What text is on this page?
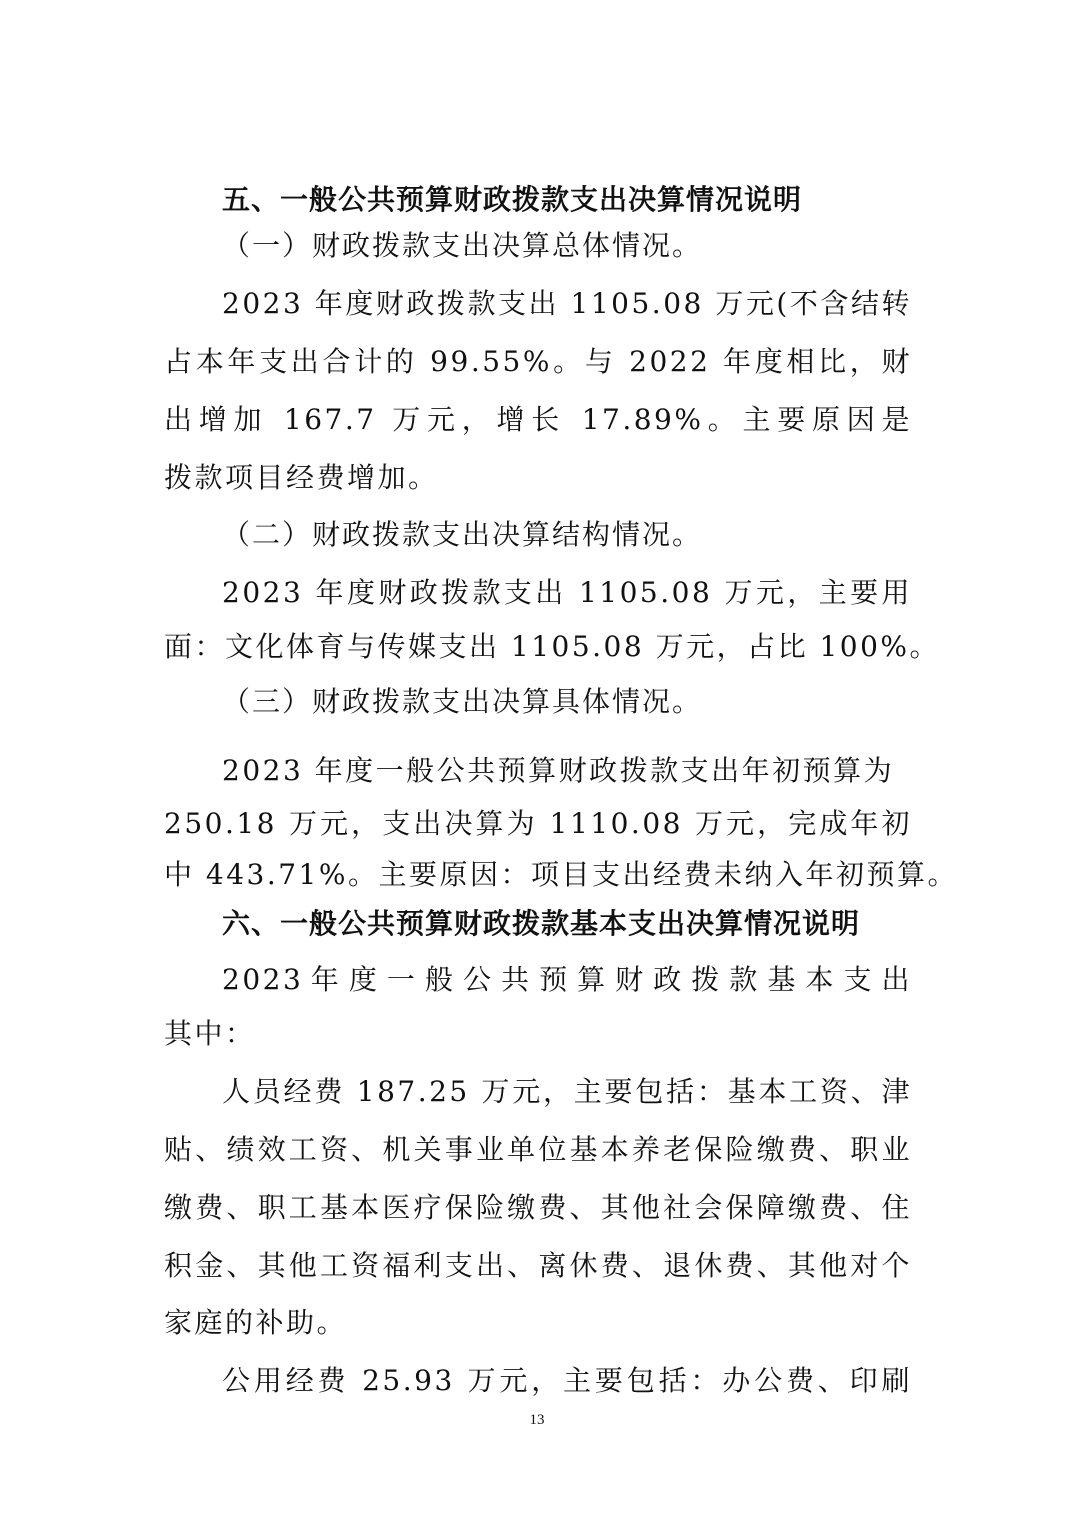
五、一般公共预算财政拨款支出决算情况说明
（一）财政拨款支出决算总体情况。
2023 年度财政拨款支出 1105.08 万元(不含结转
占本年支出合计的 99.55%。与 2022 年度相比，财
出增加 167.7 万元，增长 17.89%。主要原因是
拨款项目经费增加。
（二）财政拨款支出决算结构情况。
2023 年度财政拨款支出 1105.08 万元，主要用
面：文化体育与传媒支出 1105.08 万元，占比 100%。
（三）财政拨款支出决算具体情况。
2023 年度一般公共预算财政拨款支出年初预算为
250.18 万元，支出决算为 1110.08 万元，完成年初
中 443.71%。主要原因：项目支出经费未纳入年初预算。
六、一般公共预算财政拨款基本支出决算情况说明
2023年度一般公共预算财政拨款基本支出
其中：
人员经费 187.25 万元，主要包括：基本工资、津
贴、绩效工资、机关事业单位基本养老保险缴费、职业
缴费、职工基本医疗保险缴费、其他社会保障缴费、住
积金、其他工资福利支出、离休费、退休费、其他对个
家庭的补助。
公用经费 25.93 万元，主要包括：办公费、印刷
13
